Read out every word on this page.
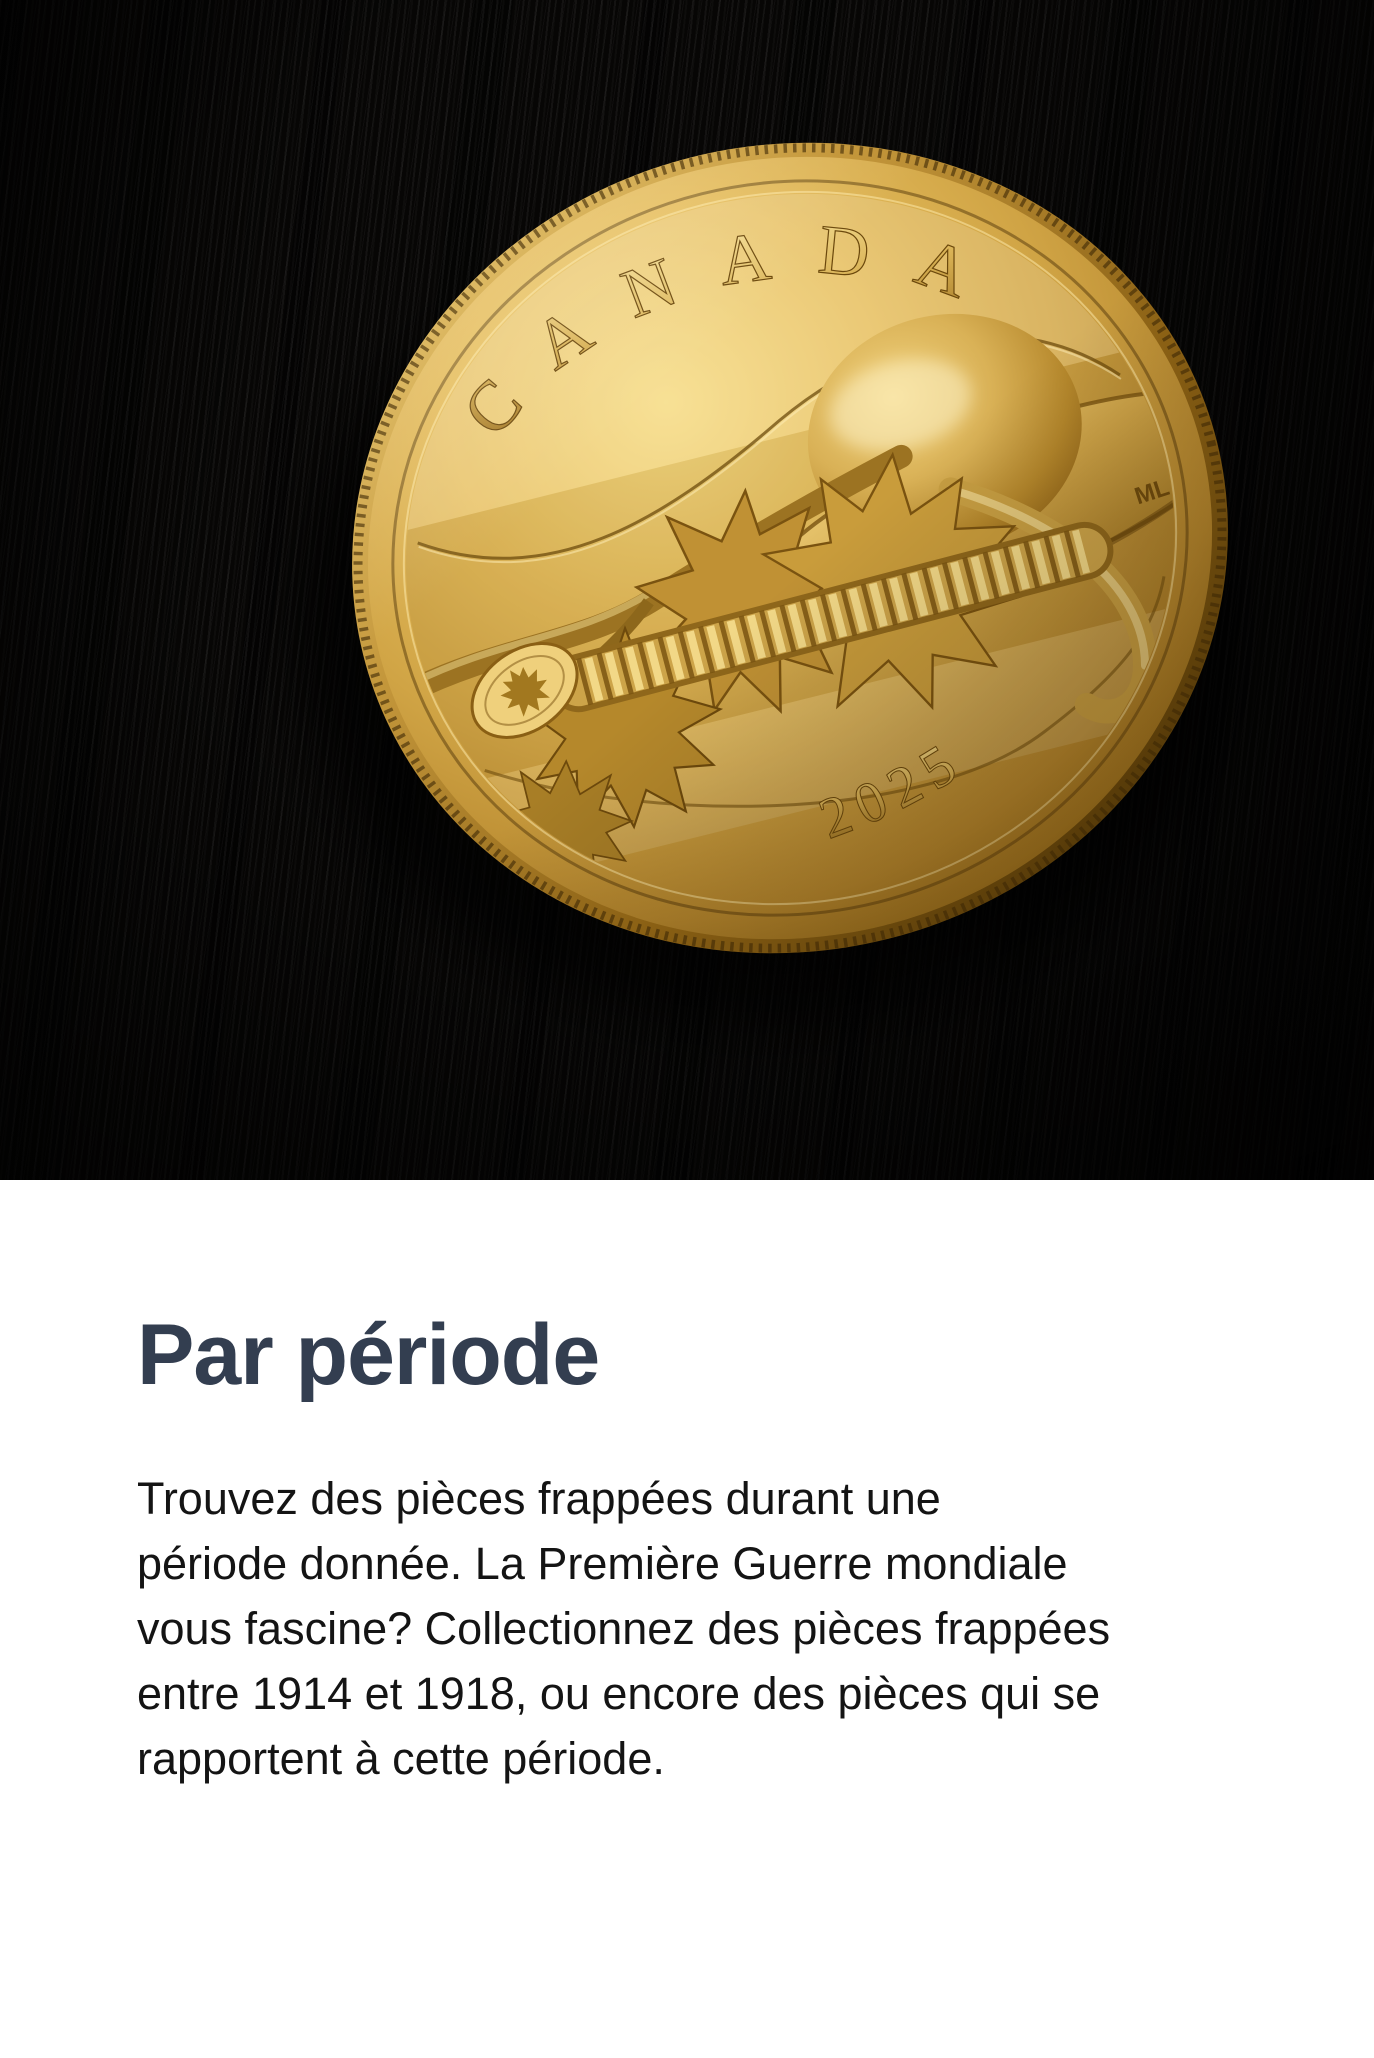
Par période
Trouvez des pièces frappées durant une
période donnée. La Première Guerre mondiale
vous fascine? Collectionnez des pièces frappées
entre 1914 et 1918, ou encore des pièces qui se
rapportent à cette période.
